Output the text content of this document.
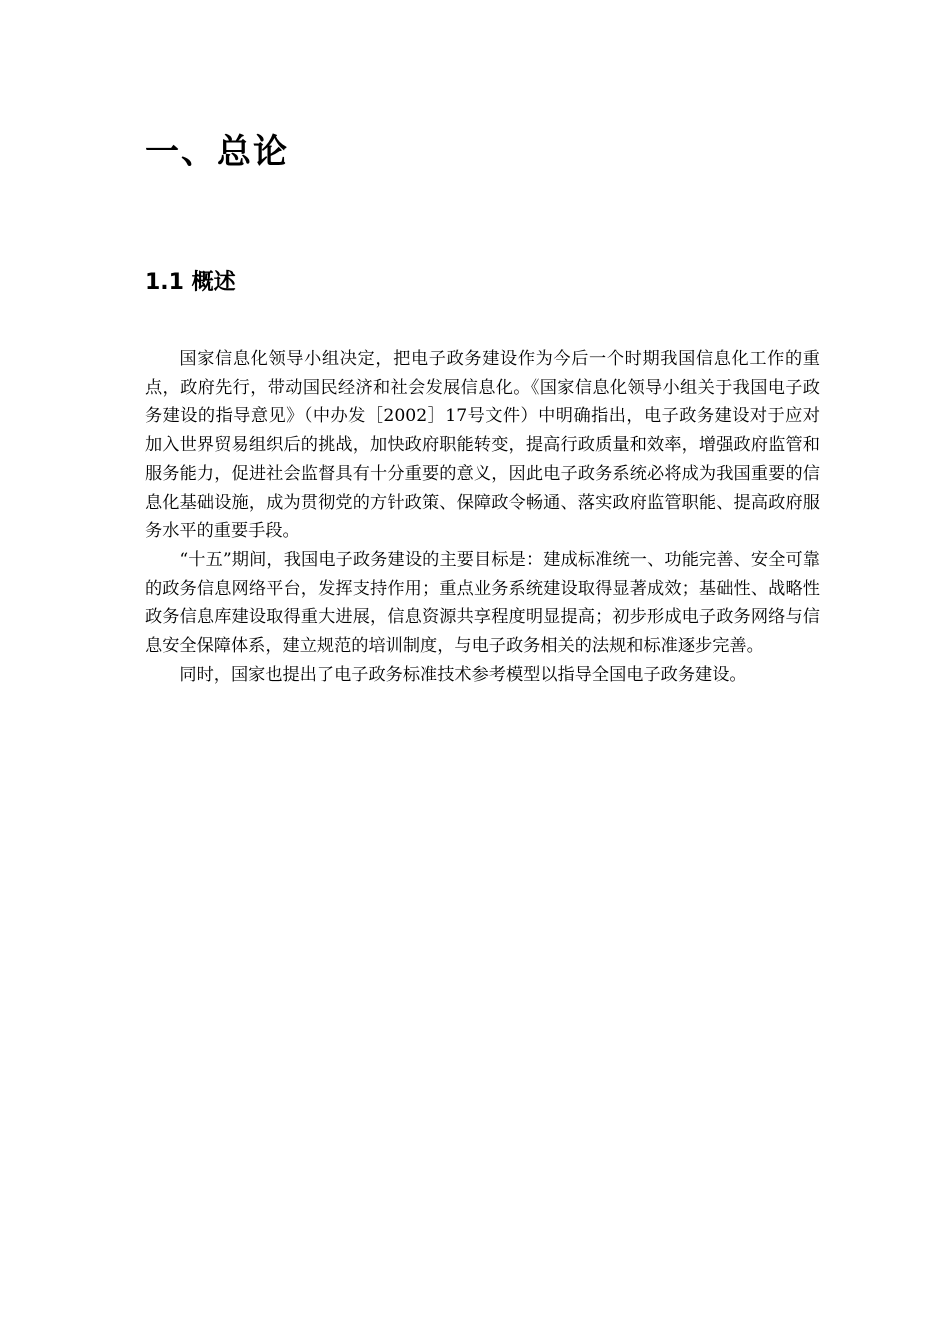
一、总论
1.1 概述

国家信息化领导小组决定，把电子政务建设作为今后一个时期我国信息化工作的重点，政府先行，带动国民经济和社会发展信息化。《国家信息化领导小组关于我国电子政务建设的指导意见》（中办发［2002］17号文件）中明确指出，电子政务建设对于应对加入世界贸易组织后的挑战，加快政府职能转变，提高行政质量和效率，增强政府监管和服务能力，促进社会监督具有十分重要的意义，因此电子政务系统必将成为我国重要的信息化基础设施，成为贯彻党的方针政策、保障政令畅通、落实政府监管职能、提高政府服务水平的重要手段。

“十五”期间，我国电子政务建设的主要目标是：建成标准统一、功能完善、安全可靠的政务信息网络平台，发挥支持作用；重点业务系统建设取得显著成效；基础性、战略性政务信息库建设取得重大进展，信息资源共享程度明显提高；初步形成电子政务网络与信息安全保障体系，建立规范的培训制度，与电子政务相关的法规和标准逐步完善。

同时，国家也提出了电子政务标准技术参考模型以指导全国电子政务建设。
